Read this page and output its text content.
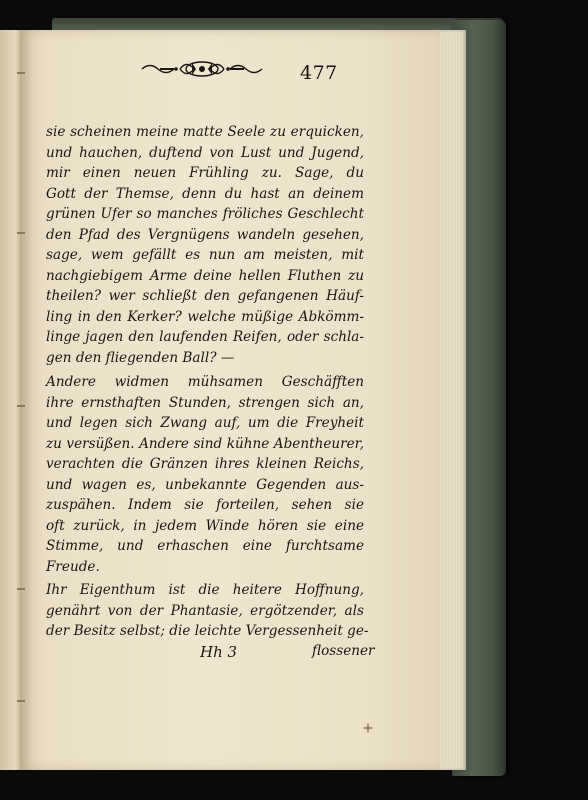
477
sie scheinen meine matte Seele zu erquicken,
und hauchen, duftend von Lust und Jugend,
mir einen neuen Frühling zu. Sage, du
Gott der Themse, denn du hast an deinem
grünen Ufer so manches fröliches Geschlecht
den Pfad des Vergnügens wandeln gesehen,
sage, wem gefällt es nun am meisten, mit
nachgiebigem Arme deine hellen Fluthen zu
theilen? wer schließt den gefangenen Häuf-
ling in den Kerker? welche müßige Abkömm-
linge jagen den laufenden Reifen, oder schla-
gen den fliegenden Ball? —
Andere widmen mühsamen Geschäfften
ihre ernsthaften Stunden, strengen sich an,
und legen sich Zwang auf, um die Freyheit
zu versüßen. Andere sind kühne Abentheurer,
verachten die Gränzen ihres kleinen Reichs,
und wagen es, unbekannte Gegenden aus-
zuspähen. Indem sie forteilen, sehen sie
oft zurück, in jedem Winde hören sie eine
Stimme, und erhaschen eine furchtsame
Freude.
Ihr Eigenthum ist die heitere Hoffnung,
genährt von der Phantasie, ergötzender, als
der Besitz selbst; die leichte Vergessenheit ge-
Hh 3	flossener
